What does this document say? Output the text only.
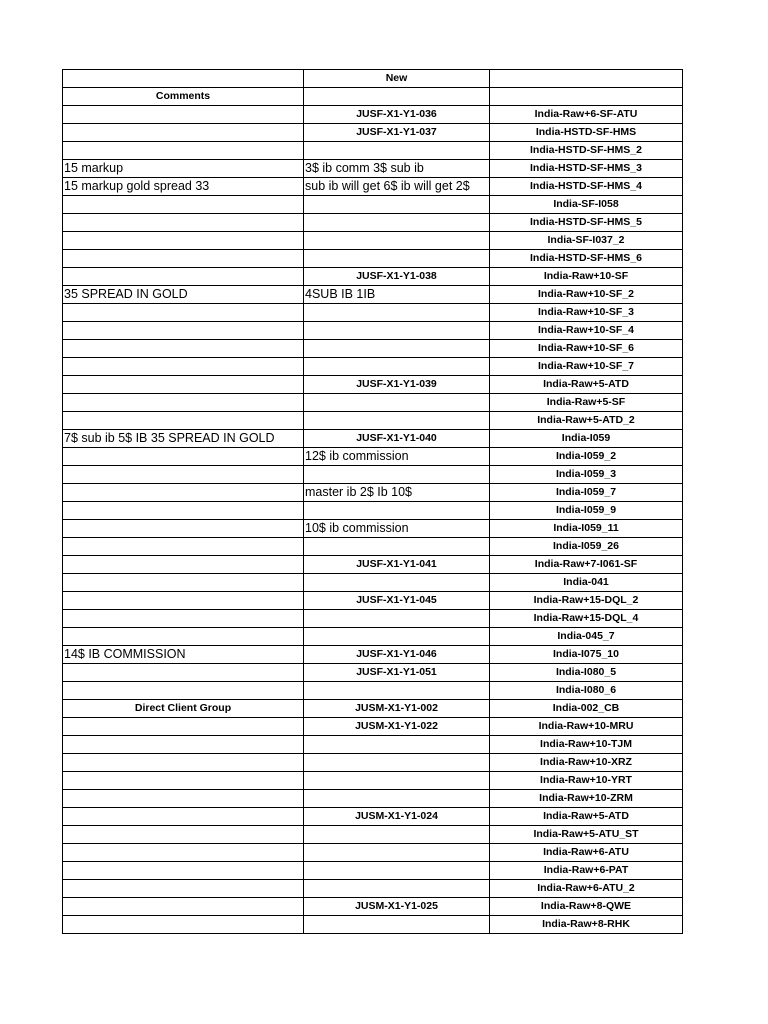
	New	
Comments		
	JUSF-X1-Y1-036	India-Raw+6-SF-ATU
	JUSF-X1-Y1-037	India-HSTD-SF-HMS
		India-HSTD-SF-HMS_2
15 markup	3$ ib comm 3$ sub ib	India-HSTD-SF-HMS_3
15 markup gold spread 33	sub ib will get 6$ ib will get 2$	India-HSTD-SF-HMS_4
		India-SF-I058
		India-HSTD-SF-HMS_5
		India-SF-I037_2
		India-HSTD-SF-HMS_6
	JUSF-X1-Y1-038	India-Raw+10-SF
35 SPREAD IN GOLD	4SUB IB 1IB	India-Raw+10-SF_2
		India-Raw+10-SF_3
		India-Raw+10-SF_4
		India-Raw+10-SF_6
		India-Raw+10-SF_7
	JUSF-X1-Y1-039	India-Raw+5-ATD
		India-Raw+5-SF
		India-Raw+5-ATD_2
7$ sub ib 5$ IB 35 SPREAD IN GOLD	JUSF-X1-Y1-040	India-I059
	12$ ib commission	India-I059_2
		India-I059_3
	master ib 2$ Ib 10$	India-I059_7
		India-I059_9
	10$ ib commission	India-I059_11
		India-I059_26
	JUSF-X1-Y1-041	India-Raw+7-I061-SF
		India-041
	JUSF-X1-Y1-045	India-Raw+15-DQL_2
		India-Raw+15-DQL_4
		India-045_7
14$ IB COMMISSION	JUSF-X1-Y1-046	India-I075_10
	JUSF-X1-Y1-051	India-I080_5
		India-I080_6
Direct Client Group	JUSM-X1-Y1-002	India-002_CB
	JUSM-X1-Y1-022	India-Raw+10-MRU
		India-Raw+10-TJM
		India-Raw+10-XRZ
		India-Raw+10-YRT
		India-Raw+10-ZRM
	JUSM-X1-Y1-024	India-Raw+5-ATD
		India-Raw+5-ATU_ST
		India-Raw+6-ATU
		India-Raw+6-PAT
		India-Raw+6-ATU_2
	JUSM-X1-Y1-025	India-Raw+8-QWE
		India-Raw+8-RHK
